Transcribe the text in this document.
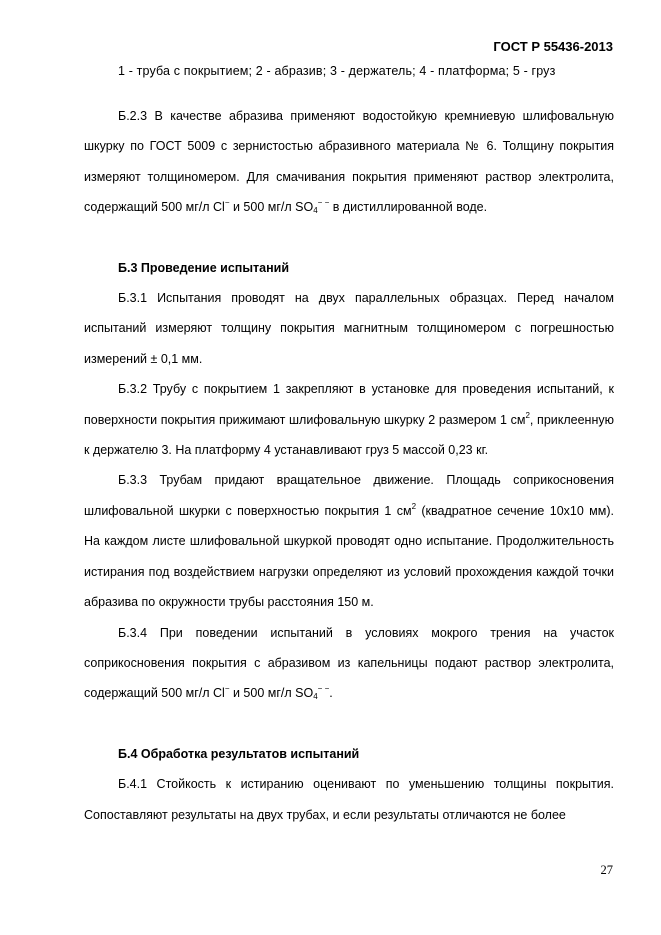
ГОСТ Р 55436-2013
1 - труба с покрытием; 2 - абразив; 3 - держатель; 4 - платформа; 5 - груз

Б.2.3 В качестве абразива применяют водостойкую кремниевую шлифовальную шкурку по ГОСТ 5009 с зернистостью абразивного материала № 6. Толщину покрытия измеряют толщиномером. Для смачивания покрытия применяют раствор электролита, содержащий 500 мг/л Cl− и 500 мг/л $SO_4^{- -}$ в дистиллированной воде.

Б.3 Проведение испытаний

Б.3.1 Испытания проводят на двух параллельных образцах. Перед началом испытаний измеряют толщину покрытия магнитным толщиномером с погрешностью измерений ± 0,1 мм.

Б.3.2 Трубу с покрытием 1 закрепляют в установке для проведения испытаний, к поверхности покрытия прижимают шлифовальную шкурку 2 размером 1 $см^2$, приклеенную к держателю 3. На платформу 4 устанавливают груз 5 массой 0,23 кг.

Б.3.3 Трубам придают вращательное движение. Площадь соприкосновения шлифовальной шкурки с поверхностью покрытия 1 $см^2$ (квадратное сечение 10х10 мм). На каждом листе шлифовальной шкуркой проводят одно испытание. Продолжительность истирания под воздействием нагрузки определяют из условий прохождения каждой точки абразива по окружности трубы расстояния 150 м.

Б.3.4 При поведении испытаний в условиях мокрого трения на участок соприкосновения покрытия с абразивом из капельницы подают раствор электролита, содержащий 500 мг/л Cl− и 500 мг/л $SO_4^{- -}$.

Б.4 Обработка результатов испытаний

Б.4.1 Стойкость к истиранию оценивают по уменьшению толщины покрытия. Сопоставляют результаты на двух трубах, и если результаты отличаются не более

27
